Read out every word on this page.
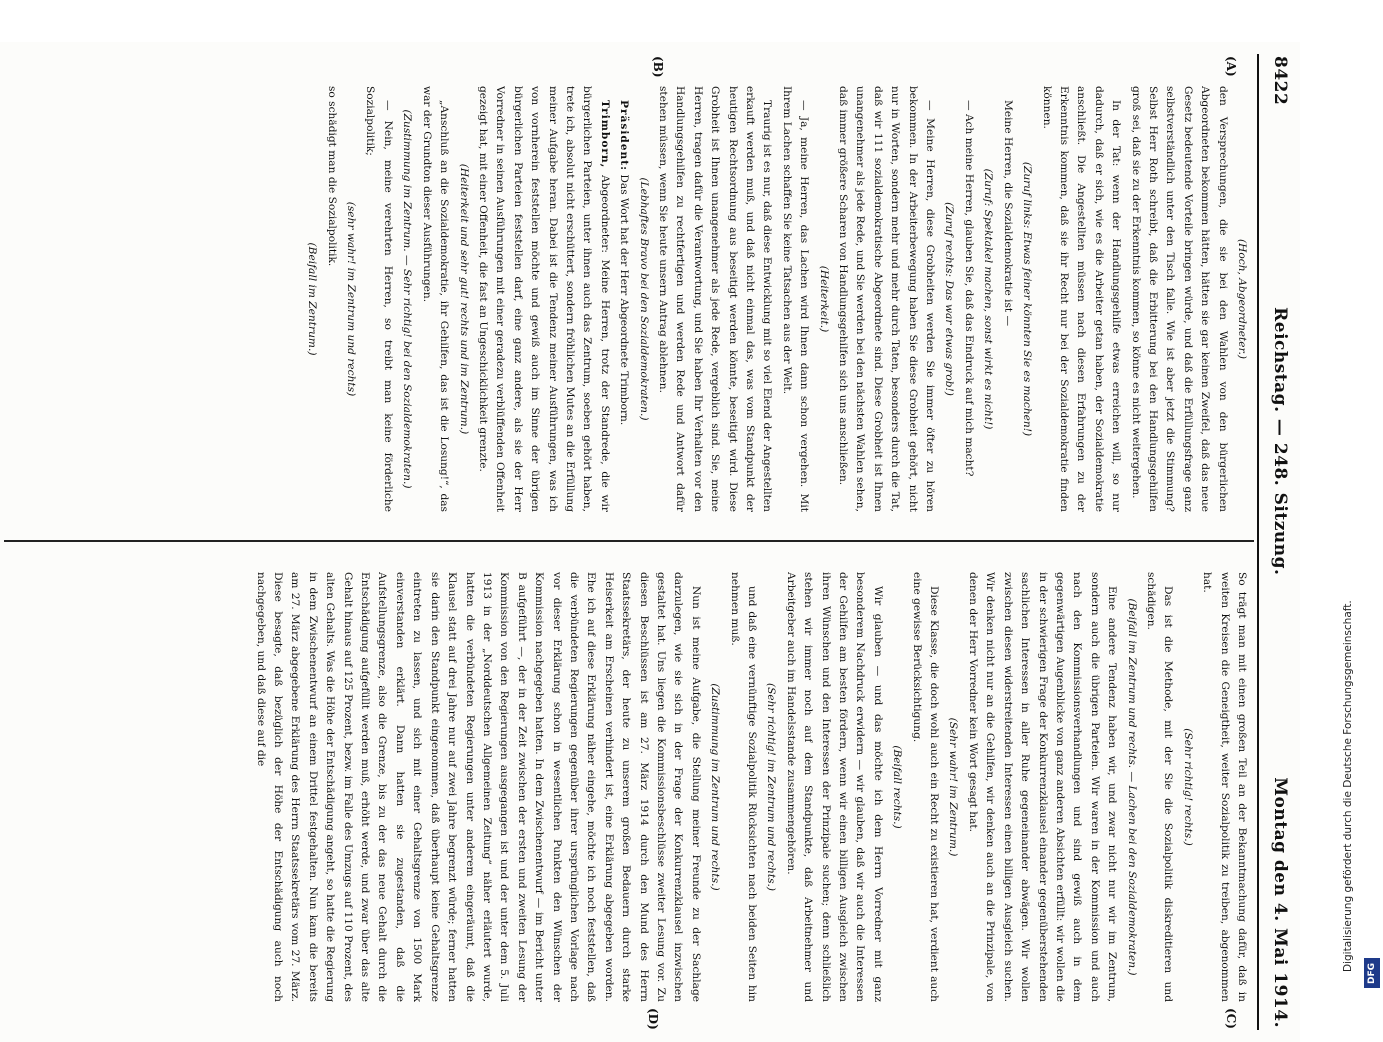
8422
Reichstag. — 248. Sitzung.
Montag den 4. Mai 1914.

(Hoch, Abgeordneter.)

den Versprechungen, die sie bei den Wahlen von den bürgerlichen Abgeordneten bekommen hätten, hätten sie gar keinen Zweifel, daß das neue Gesetz bedeutende Vorteile bringen würde, und daß die Erfüllungsfrage ganz selbstverständlich unter den Tisch falle. Wie ist aber jetzt die Stimmung? Selbst Herr Roth schreibt, daß die Erbitterung bei den Handlungsgehilfen groß sei, daß sie zu der Erkenntnis kommen, so könne es nicht weitergehen.

In der Tat: wenn der Handlungsgehilfe etwas erreichen will, so nur dadurch, daß er sich, wie es die Arbeiter getan haben, der Sozialdemokratie anschließt. Die Angestellten müssen nach diesen Erfahrungen zu der Erkenntnis kommen, daß sie ihr Recht nur bei der Sozialdemokratie finden können.

(Zuruf links: Etwas feiner könnten Sie es machen!)

Meine Herren, die Sozialdemokratie ist —

(Zuruf: Spektakel machen, sonst wirkt es nicht!)

— Ach meine Herren, glauben Sie, daß das Eindruck auf mich macht?

(Zuruf rechts: Das war etwas grob!)

— Meine Herren, diese Grobheiten werden Sie immer öfter zu hören bekommen. In der Arbeiterbewegung haben Sie diese Grobheit gehört, nicht nur in Worten, sondern mehr und mehr durch Taten, besonders durch die Tat, daß wir 111 sozialdemokratische Abgeordnete sind. Diese Grobheit ist Ihnen unangenehmer als jede Rede, und Sie werden bei den nächsten Wahlen sehen, daß immer größere Scharen von Handlungsgehilfen sich uns anschließen.

(Heiterkeit.)

— Ja, meine Herren, das Lachen wird Ihnen dann schon vergehen. Mit Ihrem Lachen schaffen Sie keine Tatsachen aus der Welt.

Traurig ist es nur, daß diese Entwicklung mit so viel Elend der Angestellten erkauft werden muß, und daß nicht einmal das, was vom Standpunkt der heutigen Rechtsordnung aus beseitigt werden könnte, beseitigt wird. Diese Grobheit ist Ihnen unangenehmer als jede Rede, vergeblich sind. Sie, meine Herren, tragen dafür die Verantwortung, und Sie haben Ihr Verhalten vor den Handlungsgehilfen zu rechtfertigen und werden Rede und Antwort dafür stehen müssen, wenn Sie heute unsern Antrag ablehnen.

(Lebhaftes Bravo bei den Sozialdemokraten.)

Präsident: Das Wort hat der Herr Abgeordnete Trimborn.

Trimborn, Abgeordneter: Meine Herren, trotz der Standrede, die wir bürgerlichen Parteien, unter ihnen auch das Zentrum, soeben gehört haben, trete ich, absolut nicht erschüttert, sondern fröhlichen Mutes an die Erfüllung meiner Aufgabe heran. Dabei ist die Tendenz meiner Ausführungen, was ich von vornherein feststellen möchte und gewiß auch im Sinne der übrigen bürgerlichen Parteien feststellen darf, eine ganz andere, als sie der Herr Vorredner in seinen Ausführungen mit einer geradezu verblüffenden Offenheit gezeigt hat, mit einer Offenheit, die fast an Ungeschicklichkeit grenzte.

(Heiterkeit und sehr gut! rechts und im Zentrum.)

„Anschluß an die Sozialdemokratie, ihr Gehilfen, das ist die Losung!“, das war der Grundton dieser Ausführungen.

(Zustimmung im Zentrum. — Sehr richtig! bei den Sozialdemokraten.)

— Nein, meine verehrten Herren, so treibt man keine förderliche Sozialpolitik;

(sehr wahr! im Zentrum und rechts)

so schädigt man die Sozialpolitik.

(Beifall im Zentrum.)

So trägt man mit einen großen Teil an der Bekanntmachung dafür, daß in weiten Kreisen die Geneigtheit, weiter Sozialpolitik zu treiben, abgenommen hat.

(Sehr richtig! rechts.)

Das ist die Methode, mit der Sie die Sozialpolitik diskreditieren und schädigen.

(Beifall im Zentrum und rechts. — Lachen bei den Sozialdemokraten.)

Eine andere Tendenz haben wir, und zwar nicht nur wir im Zentrum, sondern auch die übrigen Parteien. Wir waren in der Kommission und auch nach den Kommissionsverhandlungen und sind gewiß auch in dem gegenwärtigen Augenblicke von ganz anderen Absichten erfüllt: wir wollen die in der schwierigen Frage der Konkurrenzklausel einander gegenüberstehenden sachlichen Interessen in aller Ruhe gegeneinander abwägen. Wir wollen zwischen diesen widerstreitenden Interessen einen billigen Ausgleich suchen. Wir denken nicht nur an die Gehilfen, wir denken auch an die Prinzipale, von denen der Herr Vorredner kein Wort gesagt hat.

(Sehr wahr! im Zentrum.)

Diese Klasse, die doch wohl auch ein Recht zu existieren hat, verdient auch eine gewisse Berücksichtigung.

(Beifall rechts.)

Wir glauben — und das möchte ich dem Herrn Vorredner mit ganz besonderem Nachdruck erwidern — wir glauben, daß wir auch die Interessen der Gehilfen am besten fördern, wenn wir einen billigen Ausgleich zwischen ihren Wünschen und den Interessen der Prinzipale suchen; denn schließlich stehen wir immer noch auf dem Standpunkte, daß Arbeitnehmer und Arbeitgeber auch im Handelsstande zusammengehören.

(Sehr richtig! im Zentrum und rechts.)

und daß eine vernünftige Sozialpolitik Rücksichten nach beiden Seiten hin nehmen muß.

(Zustimmung im Zentrum und rechts.)

Nun ist meine Aufgabe, die Stellung meiner Freunde zu der Sachlage darzulegen, wie sie sich in der Frage der Konkurrenzklausel inzwischen gestaltet hat. Uns liegen die Kommissionsbeschlüsse zweiter Lesung vor. Zu diesen Beschlüssen ist am 27. März 1914 durch den Mund des Herrn Staatssekretärs, der heute zu unserem großen Bedauern durch starke Heiserkeit am Erscheinen verhindert ist, eine Erklärung abgegeben worden. Ehe ich auf diese Erklärung näher eingehe, möchte ich noch feststellen, daß die verbündeten Regierungen gegenüber ihrer ursprünglichen Vorlage nach vor dieser Erklärung schon in wesentlichen Punkten den Wünschen der Kommission nachgegeben hatten. In dem Zwischenentwurf — im Bericht unter B aufgeführt —, der in der Zeit zwischen der ersten und zweiten Lesung der Kommission von den Regierungen ausgegangen ist und der unter dem 5. Juli 1913 in der „Norddeutschen Allgemeinen Zeitung“ näher erläutert wurde, hatten die verbündeten Regierungen unter anderem eingeräumt, daß die Klausel statt auf drei Jahre nur auf zwei Jahre begrenzt würde; ferner hatten sie darin den Standpunkt eingenommen, daß überhaupt keine Gehaltsgrenze eintreten zu lassen, und sich mit einer Gehaltsgrenze von 1500 Mark einverstanden erklärt. Dann hatten sie zugestanden, daß die Aufstellungsgrenze, also die Grenze, bis zu der das neue Gehalt durch die Entschädigung aufgefüllt werden muß, erhöht werde, und zwar über das alte Gehalt hinaus auf 125 Prozent, bezw. im Falle des Umzugs auf 110 Prozent, des alten Gehalts. Was die Höhe der Entschädigung angeht, so hatte die Regierung in dem Zwischenentwurf an einem Drittel festgehalten. Nun kam die bereits am 27. März abgegebene Erklärung des Herrn Staatssekretärs vom 27. März. Diese besagte, daß bezüglich der Höhe der Entschädigung auch noch nachgegeben, und daß diese auf die

(A)
(B)
(C)
(D)
Digitalisierung gefördert durch die Deutsche Forschungsgemeinschaft.
DFG
